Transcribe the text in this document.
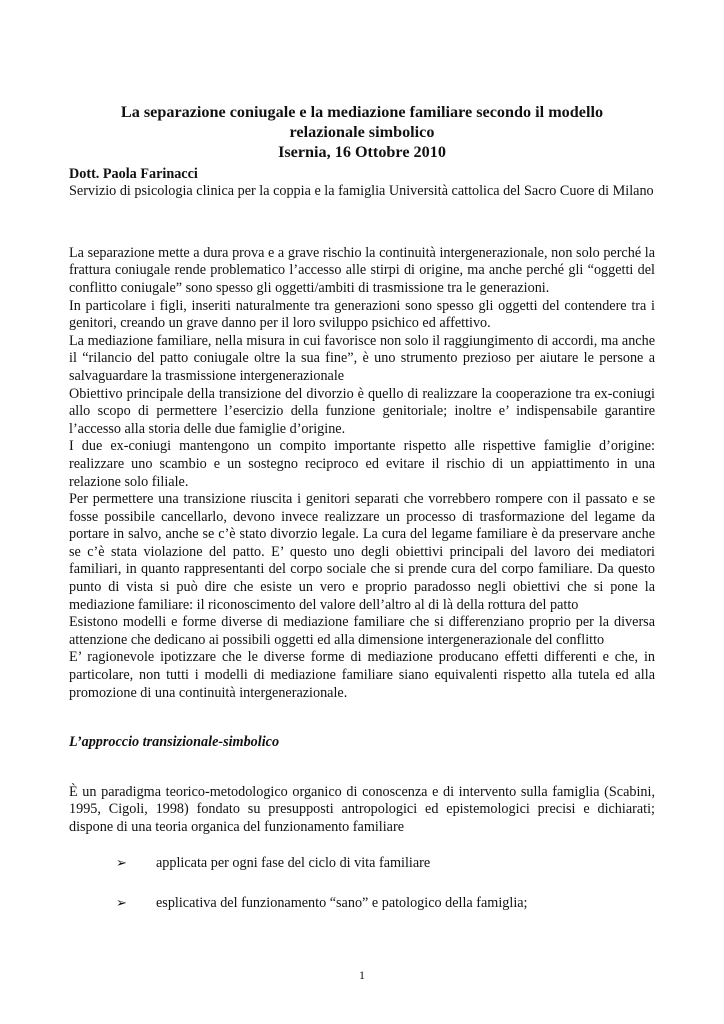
La separazione coniugale e la mediazione familiare secondo il modello
relazionale simbolico
Isernia, 16 Ottobre 2010

Dott. Paola Farinacci

Servizio di psicologia clinica per la coppia e la famiglia Università cattolica del Sacro Cuore di Milano

La separazione mette a dura prova e a grave rischio la continuità intergenerazionale, non solo perché la frattura coniugale rende problematico l’accesso alle stirpi di origine, ma anche perché gli “oggetti del conflitto coniugale” sono spesso gli oggetti/ambiti di trasmissione tra le generazioni.

In particolare i figli, inseriti naturalmente tra generazioni sono spesso gli oggetti del contendere tra i genitori, creando un grave danno per il loro sviluppo psichico ed affettivo.

La mediazione familiare, nella misura in cui favorisce non solo il raggiungimento di accordi, ma anche il “rilancio del patto coniugale oltre la sua fine”, è uno strumento prezioso per aiutare le persone a salvaguardare la trasmissione intergenerazionale

Obiettivo principale della transizione del divorzio è quello di realizzare la cooperazione tra ex-coniugi allo scopo di permettere l’esercizio della funzione genitoriale; inoltre e’ indispensabile garantire l’accesso alla storia delle due famiglie d’origine.

I due ex-coniugi mantengono un compito importante rispetto alle rispettive famiglie d’origine: realizzare uno scambio e un sostegno reciproco ed evitare il rischio di un appiattimento in una relazione solo filiale.

Per permettere una transizione riuscita i genitori separati che vorrebbero rompere con il passato e se fosse possibile cancellarlo, devono invece realizzare un processo di trasformazione del legame da portare in salvo, anche se c’è stato divorzio legale. La cura del legame familiare è da preservare anche se c’è stata violazione del patto. E’ questo uno degli obiettivi principali del lavoro dei mediatori familiari, in quanto rappresentanti del corpo sociale che si prende cura del corpo familiare. Da questo punto di vista si può dire che esiste un vero e proprio paradosso negli obiettivi che si pone la mediazione familiare: il riconoscimento del valore dell’altro al di là della rottura del patto

Esistono modelli e forme diverse di mediazione familiare che si differenziano proprio per la diversa attenzione che dedicano ai possibili oggetti ed alla dimensione intergenerazionale del conflitto

E’ ragionevole ipotizzare che le diverse forme di mediazione producano effetti differenti e che, in particolare, non tutti i modelli di mediazione familiare siano equivalenti rispetto alla tutela ed alla promozione di una continuità intergenerazionale.

L’approccio transizionale-simbolico

È un paradigma teorico-metodologico organico di conoscenza e di intervento sulla famiglia (Scabini, 1995, Cigoli, 1998) fondato su presupposti antropologici ed epistemologici precisi e dichiarati; dispone di una teoria organica del funzionamento familiare

➢	applicata per ogni fase del ciclo di vita familiare
➢	esplicativa del funzionamento “sano” e patologico della famiglia;
1
